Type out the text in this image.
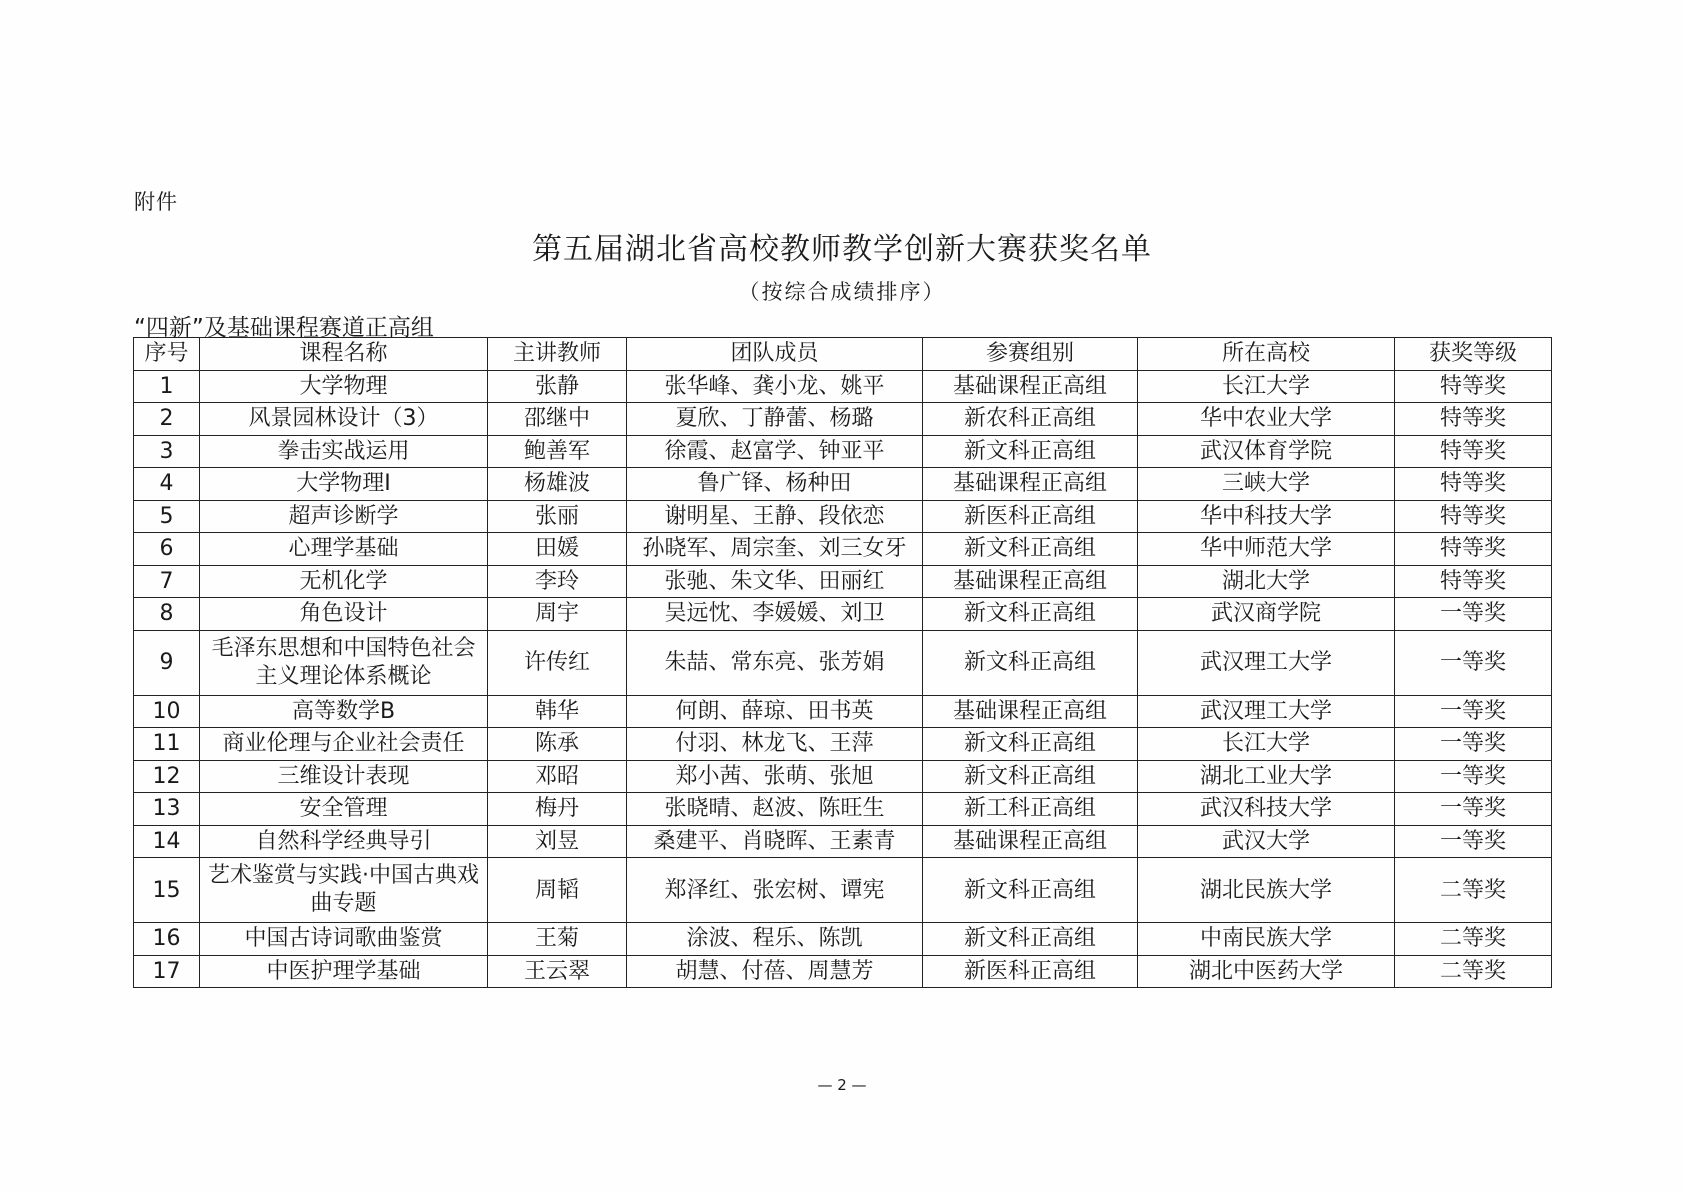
附件
第五届湖北省高校教师教学创新大赛获奖名单
（按综合成绩排序）
“四新”及基础课程赛道正高组
序号	课程名称	主讲教师	团队成员	参赛组别	所在高校	获奖等级
1	大学物理	张静	张华峰、龚小龙、姚平	基础课程正高组	长江大学	特等奖
2	风景园林设计（3）	邵继中	夏欣、丁静蕾、杨璐	新农科正高组	华中农业大学	特等奖
3	拳击实战运用	鲍善军	徐霞、赵富学、钟亚平	新文科正高组	武汉体育学院	特等奖
4	大学物理Ⅰ	杨雄波	鲁广铎、杨种田	基础课程正高组	三峡大学	特等奖
5	超声诊断学	张丽	谢明星、王静、段依恋	新医科正高组	华中科技大学	特等奖
6	心理学基础	田媛	孙晓军、周宗奎、刘三女牙	新文科正高组	华中师范大学	特等奖
7	无机化学	李玲	张驰、朱文华、田丽红	基础课程正高组	湖北大学	特等奖
8	角色设计	周宇	吴远忱、李媛媛、刘卫	新文科正高组	武汉商学院	一等奖
9	毛泽东思想和中国特色社会主义理论体系概论	许传红	朱喆、常东亮、张芳娟	新文科正高组	武汉理工大学	一等奖
10	高等数学B	韩华	何朗、薛琼、田书英	基础课程正高组	武汉理工大学	一等奖
11	商业伦理与企业社会责任	陈承	付羽、林龙飞、王萍	新文科正高组	长江大学	一等奖
12	三维设计表现	邓昭	郑小茜、张萌、张旭	新文科正高组	湖北工业大学	一等奖
13	安全管理	梅丹	张晓晴、赵波、陈旺生	新工科正高组	武汉科技大学	一等奖
14	自然科学经典导引	刘昱	桑建平、肖晓晖、王素青	基础课程正高组	武汉大学	一等奖
15	艺术鉴赏与实践·中国古典戏曲专题	周韬	郑泽红、张宏树、谭宪	新文科正高组	湖北民族大学	二等奖
16	中国古诗词歌曲鉴赏	王菊	涂波、程乐、陈凯	新文科正高组	中南民族大学	二等奖
17	中医护理学基础	王云翠	胡慧、付蓓、周慧芳	新医科正高组	湖北中医药大学	二等奖
— 2 —
